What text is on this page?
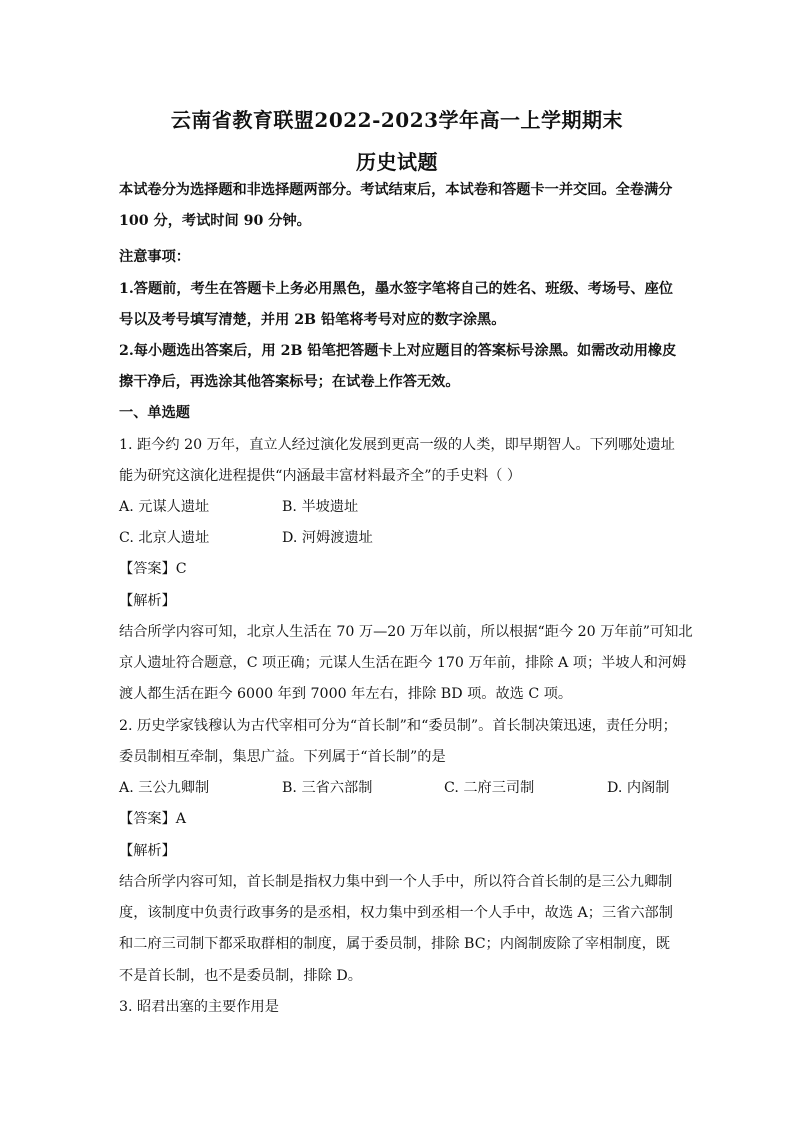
云南省教育联盟2022-2023学年高一上学期期末
历史试题
本试卷分为选择题和非选择题两部分。考试结束后，本试卷和答题卡一并交回。全卷满分
100 分，考试时间 90 分钟。
注意事项：
1.答题前，考生在答题卡上务必用黑色，墨水签字笔将自己的姓名、班级、考场号、座位
号以及考号填写清楚，并用 2B 铅笔将考号对应的数字涂黑。
2.每小题选出答案后，用 2B 铅笔把答题卡上对应题目的答案标号涂黑。如需改动用橡皮
擦干净后，再选涂其他答案标号；在试卷上作答无效。
一、单选题
1. 距今约 20 万年，直立人经过演化发展到更高一级的人类，即早期智人。下列哪处遗址
能为研究这演化进程提供“内涵最丰富材料最齐全”的手史料（ ）
A. 元谋人遗址	B. 半坡遗址
C. 北京人遗址	D. 河姆渡遗址
【答案】C
【解析】
结合所学内容可知，北京人生活在 70 万—20 万年以前，所以根据“距今 20 万年前”可知北
京人遗址符合题意，C 项正确；元谋人生活在距今 170 万年前，排除 A 项；半坡人和河姆
渡人都生活在距今 6000 年到 7000 年左右，排除 BD 项。故选 C 项。
2. 历史学家钱穆认为古代宰相可分为“首长制”和“委员制”。首长制决策迅速，责任分明；
委员制相互牵制，集思广益。下列属于“首长制”的是
A. 三公九卿制	B. 三省六部制	C. 二府三司制	D. 内阁制
【答案】A
【解析】
结合所学内容可知，首长制是指权力集中到一个人手中，所以符合首长制的是三公九卿制
度，该制度中负责行政事务的是丞相，权力集中到丞相一个人手中，故选 A；三省六部制
和二府三司制下都采取群相的制度，属于委员制，排除 BC；内阁制废除了宰相制度，既
不是首长制，也不是委员制，排除 D。
3. 昭君出塞的主要作用是
